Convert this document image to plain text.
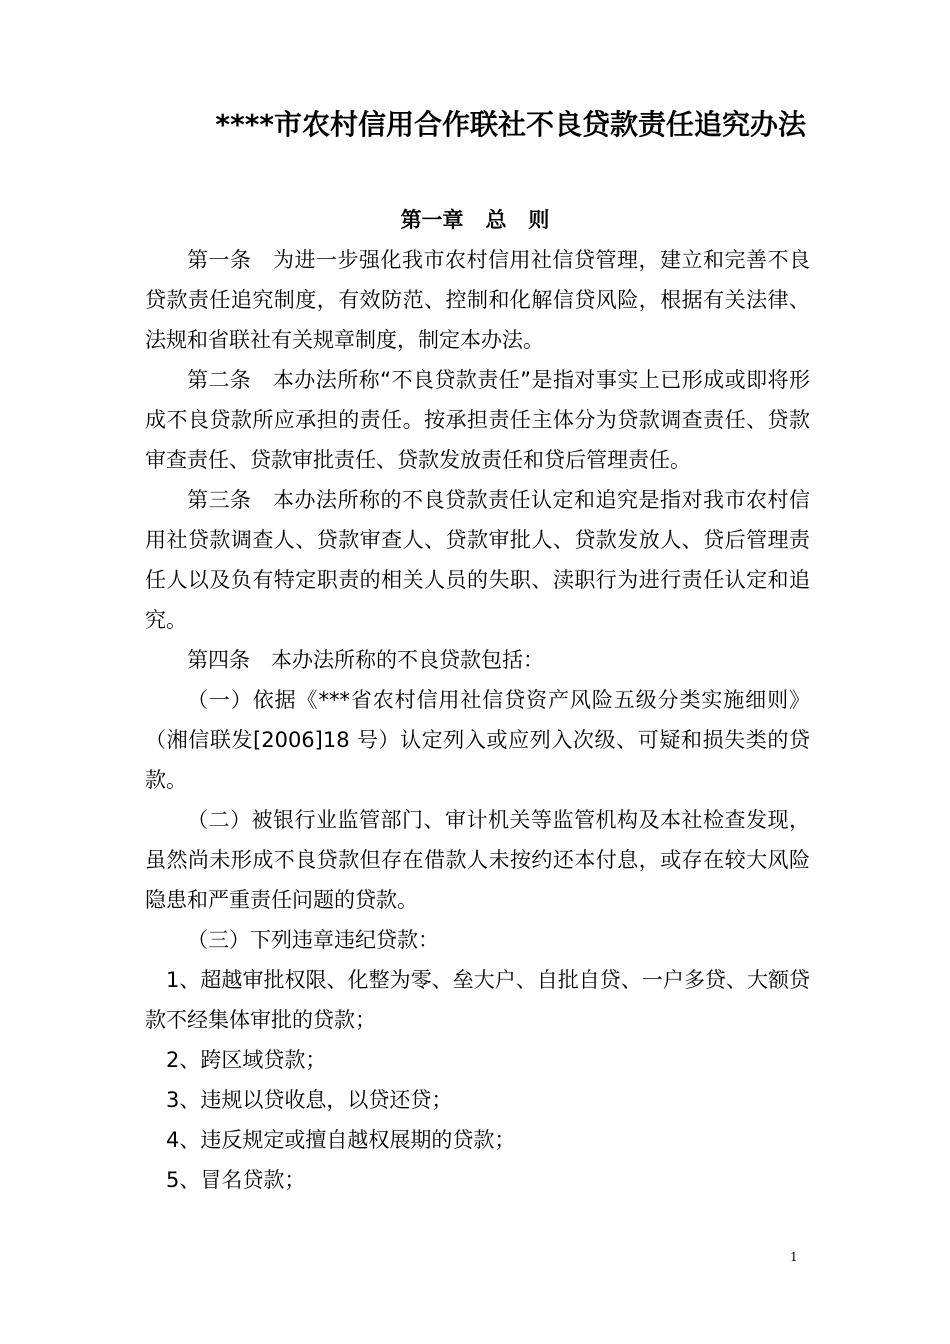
****市农村信用合作联社不良贷款责任追究办法
第一章   总   则

第一条　为进一步强化我市农村信用社信贷管理，建立和完善不良贷款责任追究制度，有效防范、控制和化解信贷风险，根据有关法律、法规和省联社有关规章制度，制定本办法。

第二条　本办法所称“不良贷款责任”是指对事实上已形成或即将形成不良贷款所应承担的责任。按承担责任主体分为贷款调查责任、贷款审查责任、贷款审批责任、贷款发放责任和贷后管理责任。

第三条　本办法所称的不良贷款责任认定和追究是指对我市农村信用社贷款调查人、贷款审查人、贷款审批人、贷款发放人、贷后管理责任人以及负有特定职责的相关人员的失职、渎职行为进行责任认定和追究。

第四条　本办法所称的不良贷款包括：

（一）依据《***省农村信用社信贷资产风险五级分类实施细则》（湘信联发[2006]18 号）认定列入或应列入次级、可疑和损失类的贷款。

（二）被银行业监管部门、审计机关等监管机构及本社检查发现，虽然尚未形成不良贷款但存在借款人未按约还本付息，或存在较大风险隐患和严重责任问题的贷款。

（三）下列违章违纪贷款：

1、超越审批权限、化整为零、垒大户、自批自贷、一户多贷、大额贷款不经集体审批的贷款；

2、跨区域贷款；

3、违规以贷收息，以贷还贷；

4、违反规定或擅自越权展期的贷款；

5、冒名贷款；

1
